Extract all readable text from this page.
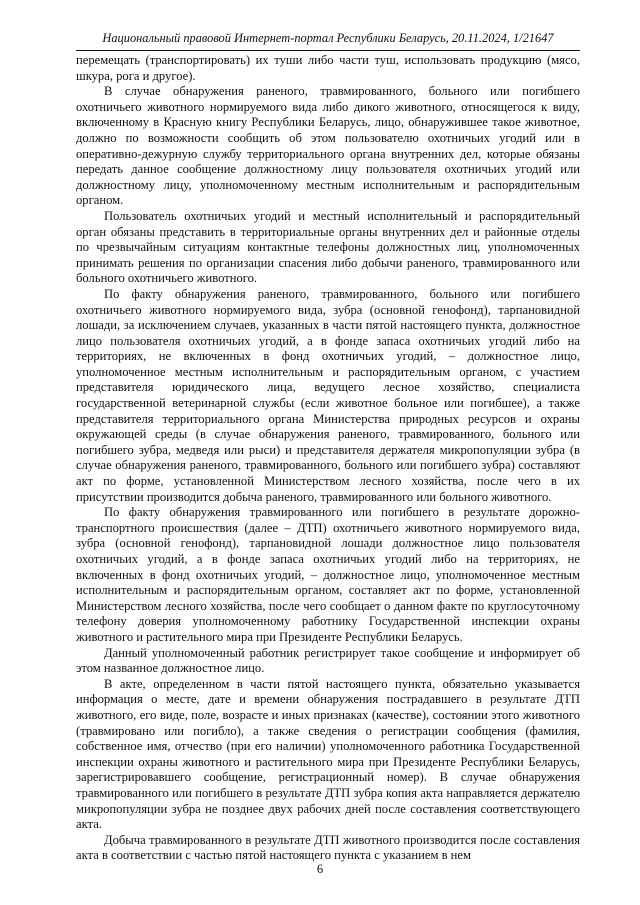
Национальный правовой Интернет-портал Республики Беларусь, 20.11.2024, 1/21647

перемещать (транспортировать) их туши либо части туш, использовать продукцию (мясо, шкура, рога и другое).

В случае обнаружения раненого, травмированного, больного или погибшего охотничьего животного нормируемого вида либо дикого животного, относящегося к виду, включенному в Красную книгу Республики Беларусь, лицо, обнаружившее такое животное, должно по возможности сообщить об этом пользователю охотничьих угодий или в оперативно-дежурную службу территориального органа внутренних дел, которые обязаны передать данное сообщение должностному лицу пользователя охотничьих угодий или должностному лицу, уполномоченному местным исполнительным и распорядительным органом.

Пользователь охотничьих угодий и местный исполнительный и распорядительный орган обязаны представить в территориальные органы внутренних дел и районные отделы по чрезвычайным ситуациям контактные телефоны должностных лиц, уполномоченных принимать решения по организации спасения либо добычи раненого, травмированного или больного охотничьего животного.

По факту обнаружения раненого, травмированного, больного или погибшего охотничьего животного нормируемого вида, зубра (основной генофонд), тарпановидной лошади, за исключением случаев, указанных в части пятой настоящего пункта, должностное лицо пользователя охотничьих угодий, а в фонде запаса охотничьих угодий либо на территориях, не включенных в фонд охотничьих угодий, – должностное лицо, уполномоченное местным исполнительным и распорядительным органом, с участием представителя юридического лица, ведущего лесное хозяйство, специалиста государственной ветеринарной службы (если животное больное или погибшее), а также представителя территориального органа Министерства природных ресурсов и охраны окружающей среды (в случае обнаружения раненого, травмированного, больного или погибшего зубра, медведя или рыси) и представителя держателя микропопуляции зубра (в случае обнаружения раненого, травмированного, больного или погибшего зубра) составляют акт по форме, установленной Министерством лесного хозяйства, после чего в их присутствии производится добыча раненого, травмированного или больного животного.

По факту обнаружения травмированного или погибшего в результате дорожно-транспортного происшествия (далее – ДТП) охотничьего животного нормируемого вида, зубра (основной генофонд), тарпановидной лошади должностное лицо пользователя охотничьих угодий, а в фонде запаса охотничьих угодий либо на территориях, не включенных в фонд охотничьих угодий, – должностное лицо, уполномоченное местным исполнительным и распорядительным органом, составляет акт по форме, установленной Министерством лесного хозяйства, после чего сообщает о данном факте по круглосуточному телефону доверия уполномоченному работнику Государственной инспекции охраны животного и растительного мира при Президенте Республики Беларусь.

Данный уполномоченный работник регистрирует такое сообщение и информирует об этом названное должностное лицо.

В акте, определенном в части пятой настоящего пункта, обязательно указывается информация о месте, дате и времени обнаружения пострадавшего в результате ДТП животного, его виде, поле, возрасте и иных признаках (качестве), состоянии этого животного (травмировано или погибло), а также сведения о регистрации сообщения (фамилия, собственное имя, отчество (при его наличии) уполномоченного работника Государственной инспекции охраны животного и растительного мира при Президенте Республики Беларусь, зарегистрировавшего сообщение, регистрационный номер). В случае обнаружения травмированного или погибшего в результате ДТП зубра копия акта направляется держателю микропопуляции зубра не позднее двух рабочих дней после составления соответствующего акта.

Добыча травмированного в результате ДТП животного производится после составления акта в соответствии с частью пятой настоящего пункта с указанием в нем

6
